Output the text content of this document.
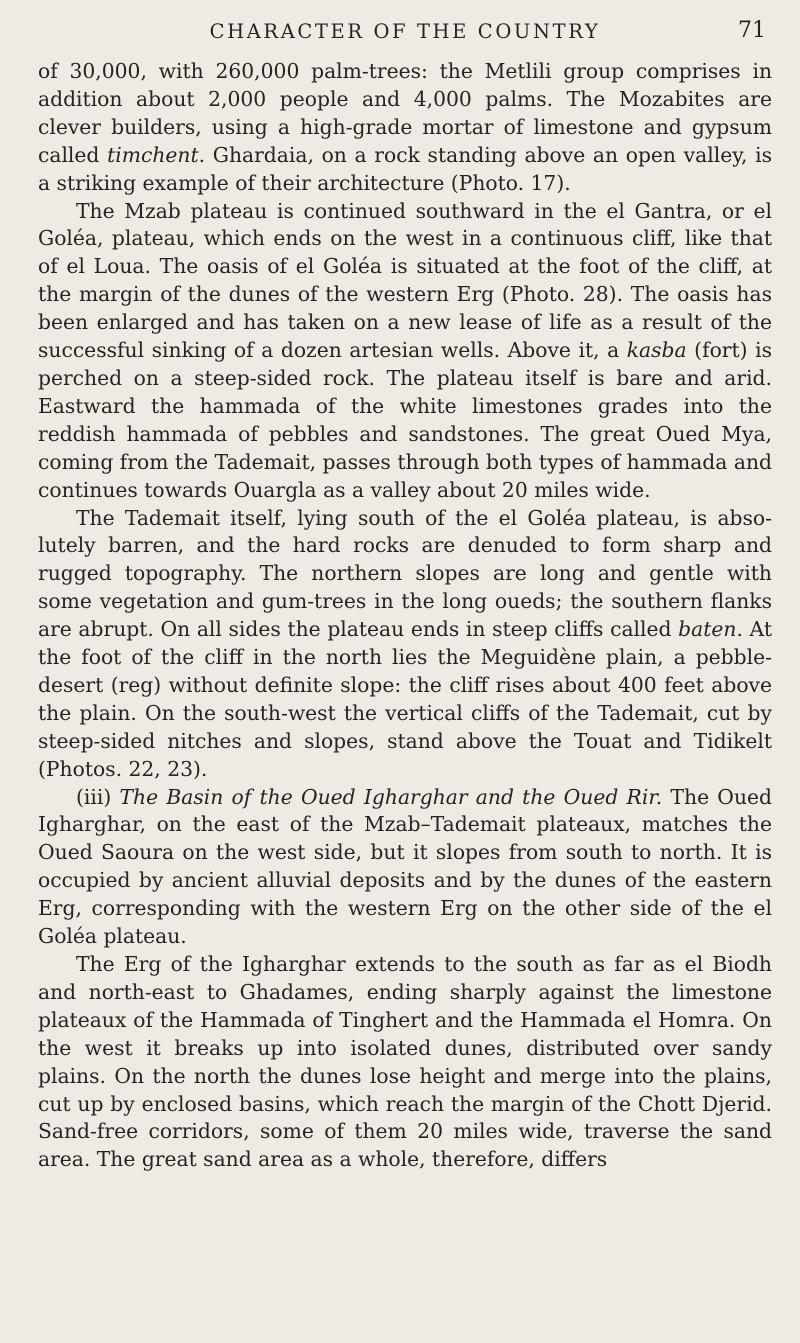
CHARACTER OF THE COUNTRY	71

of 30,000, with 260,000 palm-trees: the Metlili group comprises in addition about 2,000 people and 4,000 palms. The Mozabites are clever builders, using a high-grade mortar of limestone and gypsum called timchent. Ghardaia, on a rock standing above an open valley, is a striking example of their architecture (Photo. 17).

The Mzab plateau is continued southward in the el Gantra, or el Goléa, plateau, which ends on the west in a continuous cliff, like that of el Loua. The oasis of el Goléa is situated at the foot of the cliff, at the margin of the dunes of the western Erg (Photo. 28). The oasis has been enlarged and has taken on a new lease of life as a result of the successful sinking of a dozen artesian wells. Above it, a kasba (fort) is perched on a steep-sided rock. The plateau itself is bare and arid. Eastward the hammada of the white limestones grades into the reddish hammada of pebbles and sandstones. The great Oued Mya, coming from the Tademait, passes through both types of hammada and continues towards Ouargla as a valley about 20 miles wide.

The Tademait itself, lying south of the el Goléa plateau, is abso-lutely barren, and the hard rocks are denuded to form sharp and rugged topography. The northern slopes are long and gentle with some vegetation and gum-trees in the long oueds; the southern flanks are abrupt. On all sides the plateau ends in steep cliffs called baten. At the foot of the cliff in the north lies the Meguidène plain, a pebble-desert (reg) without definite slope: the cliff rises about 400 feet above the plain. On the south-west the vertical cliffs of the Tademait, cut by steep-sided nitches and slopes, stand above the Touat and Tidikelt (Photos. 22, 23).

(iii) The Basin of the Oued Igharghar and the Oued Rir. The Oued Igharghar, on the east of the Mzab–Tademait plateaux, matches the Oued Saoura on the west side, but it slopes from south to north. It is occupied by ancient alluvial deposits and by the dunes of the eastern Erg, corresponding with the western Erg on the other side of the el Goléa plateau.

The Erg of the Igharghar extends to the south as far as el Biodh and north-east to Ghadames, ending sharply against the limestone plateaux of the Hammada of Tinghert and the Hammada el Homra. On the west it breaks up into isolated dunes, distributed over sandy plains. On the north the dunes lose height and merge into the plains, cut up by enclosed basins, which reach the margin of the Chott Djerid. Sand-free corridors, some of them 20 miles wide, traverse the sand area. The great sand area as a whole, therefore, differs
